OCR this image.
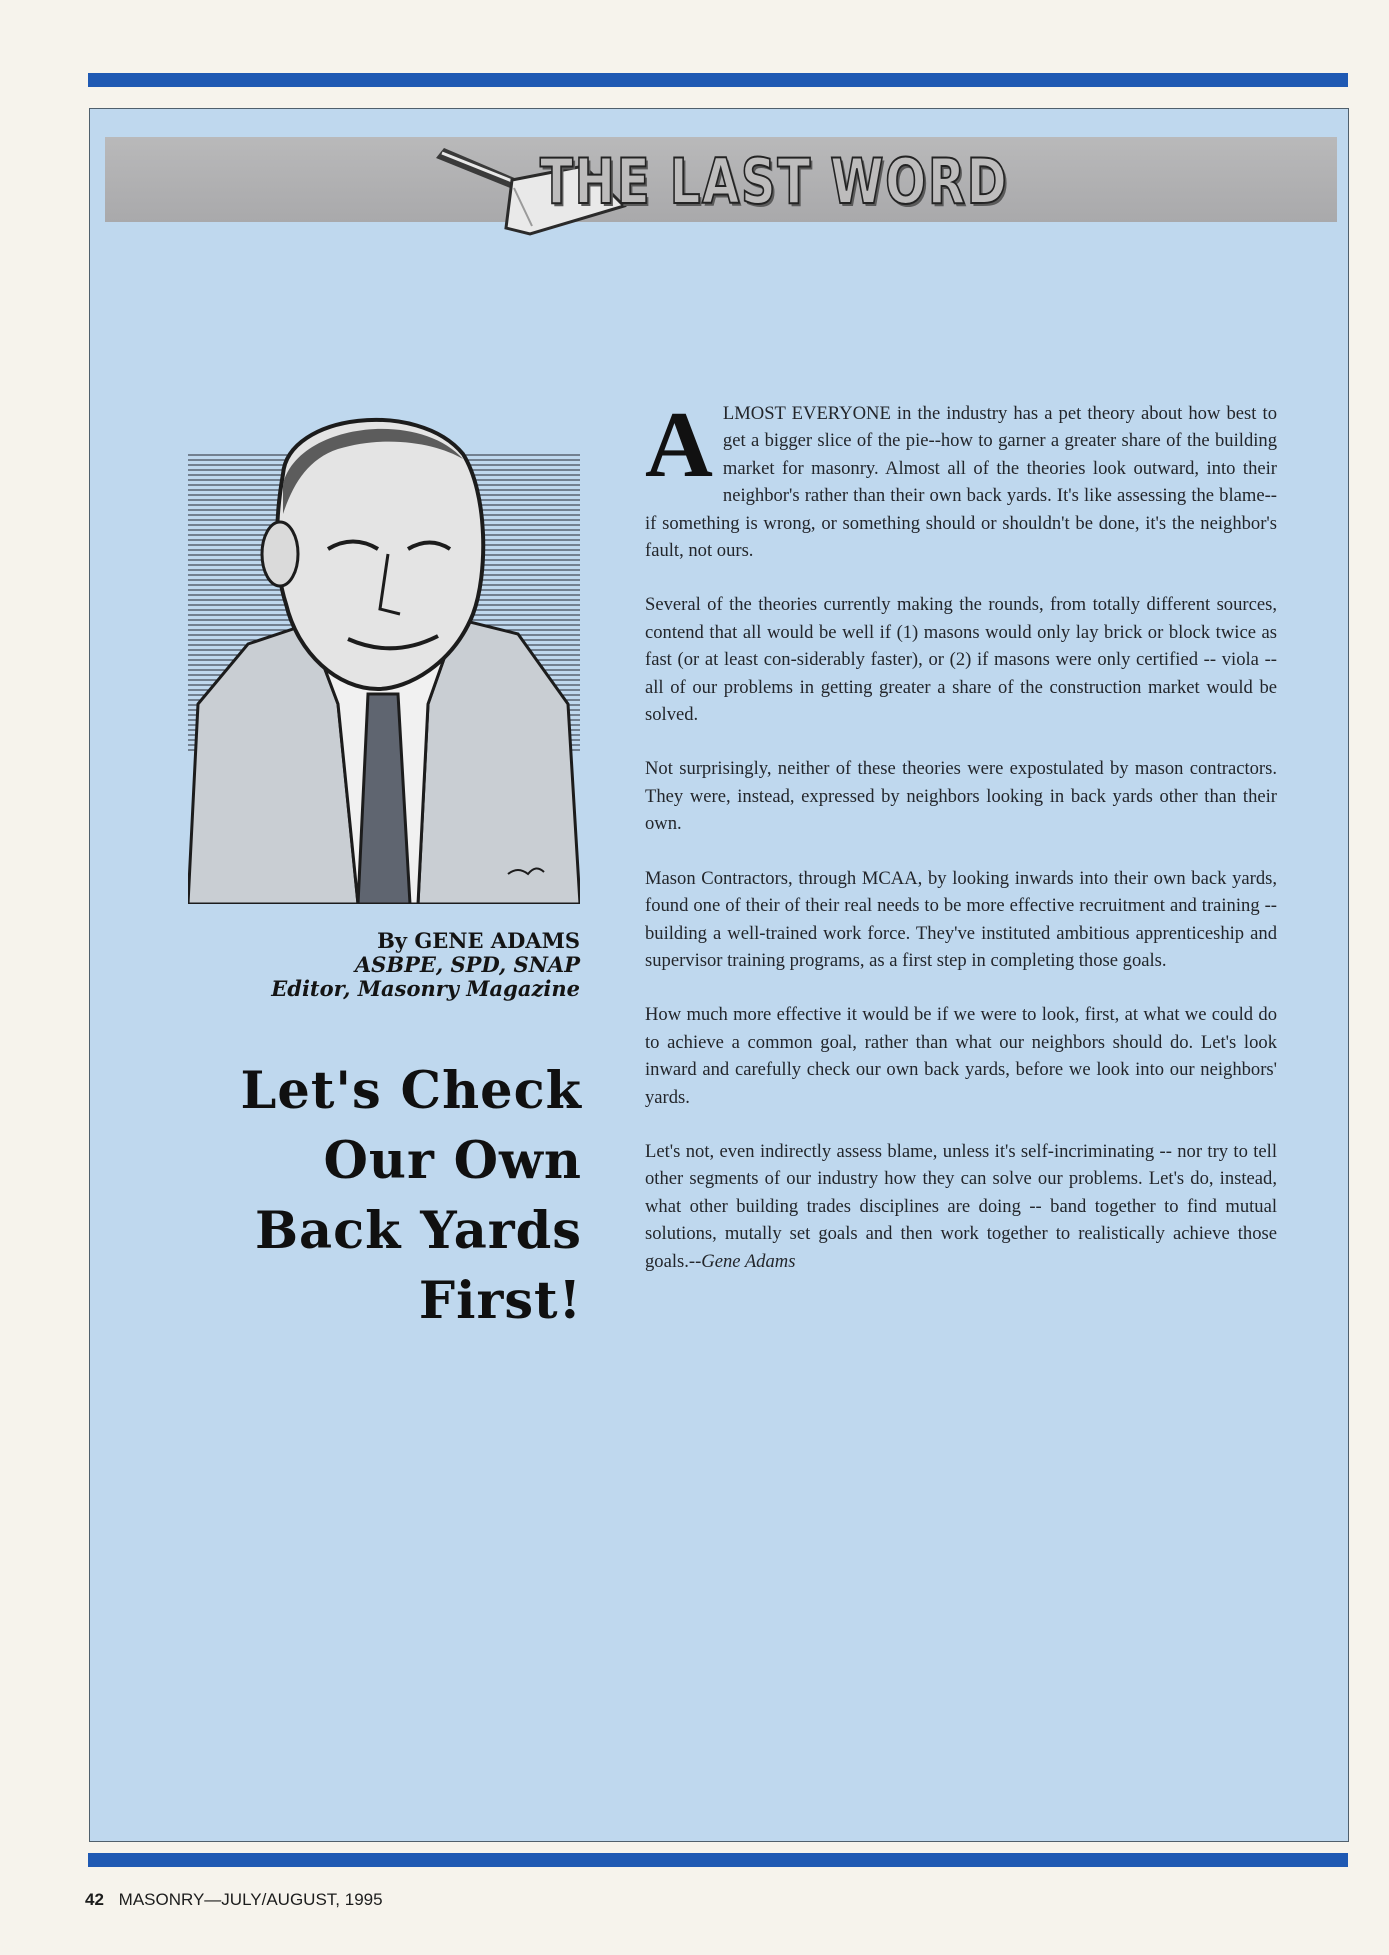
THE LAST WORD
By GENE ADAMS
ASBPE, SPD, SNAP
Editor, Masonry Magazine
Let's Check
Our Own
Back Yards
First!

ALMOST EVERYONE in the industry has a pet theory about how best to get a bigger slice of the pie--how to garner a greater share of the building market for masonry. Almost all of the theories look outward, into their neighbor's rather than their own back yards. It's like assessing the blame--if something is wrong, or something should or shouldn't be done, it's the neighbor's fault, not ours.

Several of the theories currently making the rounds, from totally different sources, contend that all would be well if (1) masons would only lay brick or block twice as fast (or at least con-siderably faster), or (2) if masons were only certified -- viola -- all of our problems in getting greater a share of the construction market would be solved.

Not surprisingly, neither of these theories were expostulated by mason contractors. They were, instead, expressed by neighbors looking in back yards other than their own.

Mason Contractors, through MCAA, by looking inwards into their own back yards, found one of their of their real needs to be more effective recruitment and training -- building a well-trained work force. They've instituted ambitious apprenticeship and supervisor training programs, as a first step in completing those goals.

How much more effective it would be if we were to look, first, at what we could do to achieve a common goal, rather than what our neighbors should do. Let's look inward and carefully check our own back yards, before we look into our neighbors' yards.

Let's not, even indirectly assess blame, unless it's self-incriminating -- nor try to tell other segments of our industry how they can solve our problems. Let's do, instead, what other building trades disciplines are doing -- band together to find mutual solutions, mutally set goals and then work together to realistically achieve those goals.--Gene Adams

42 MASONRY—JULY/AUGUST, 1995
